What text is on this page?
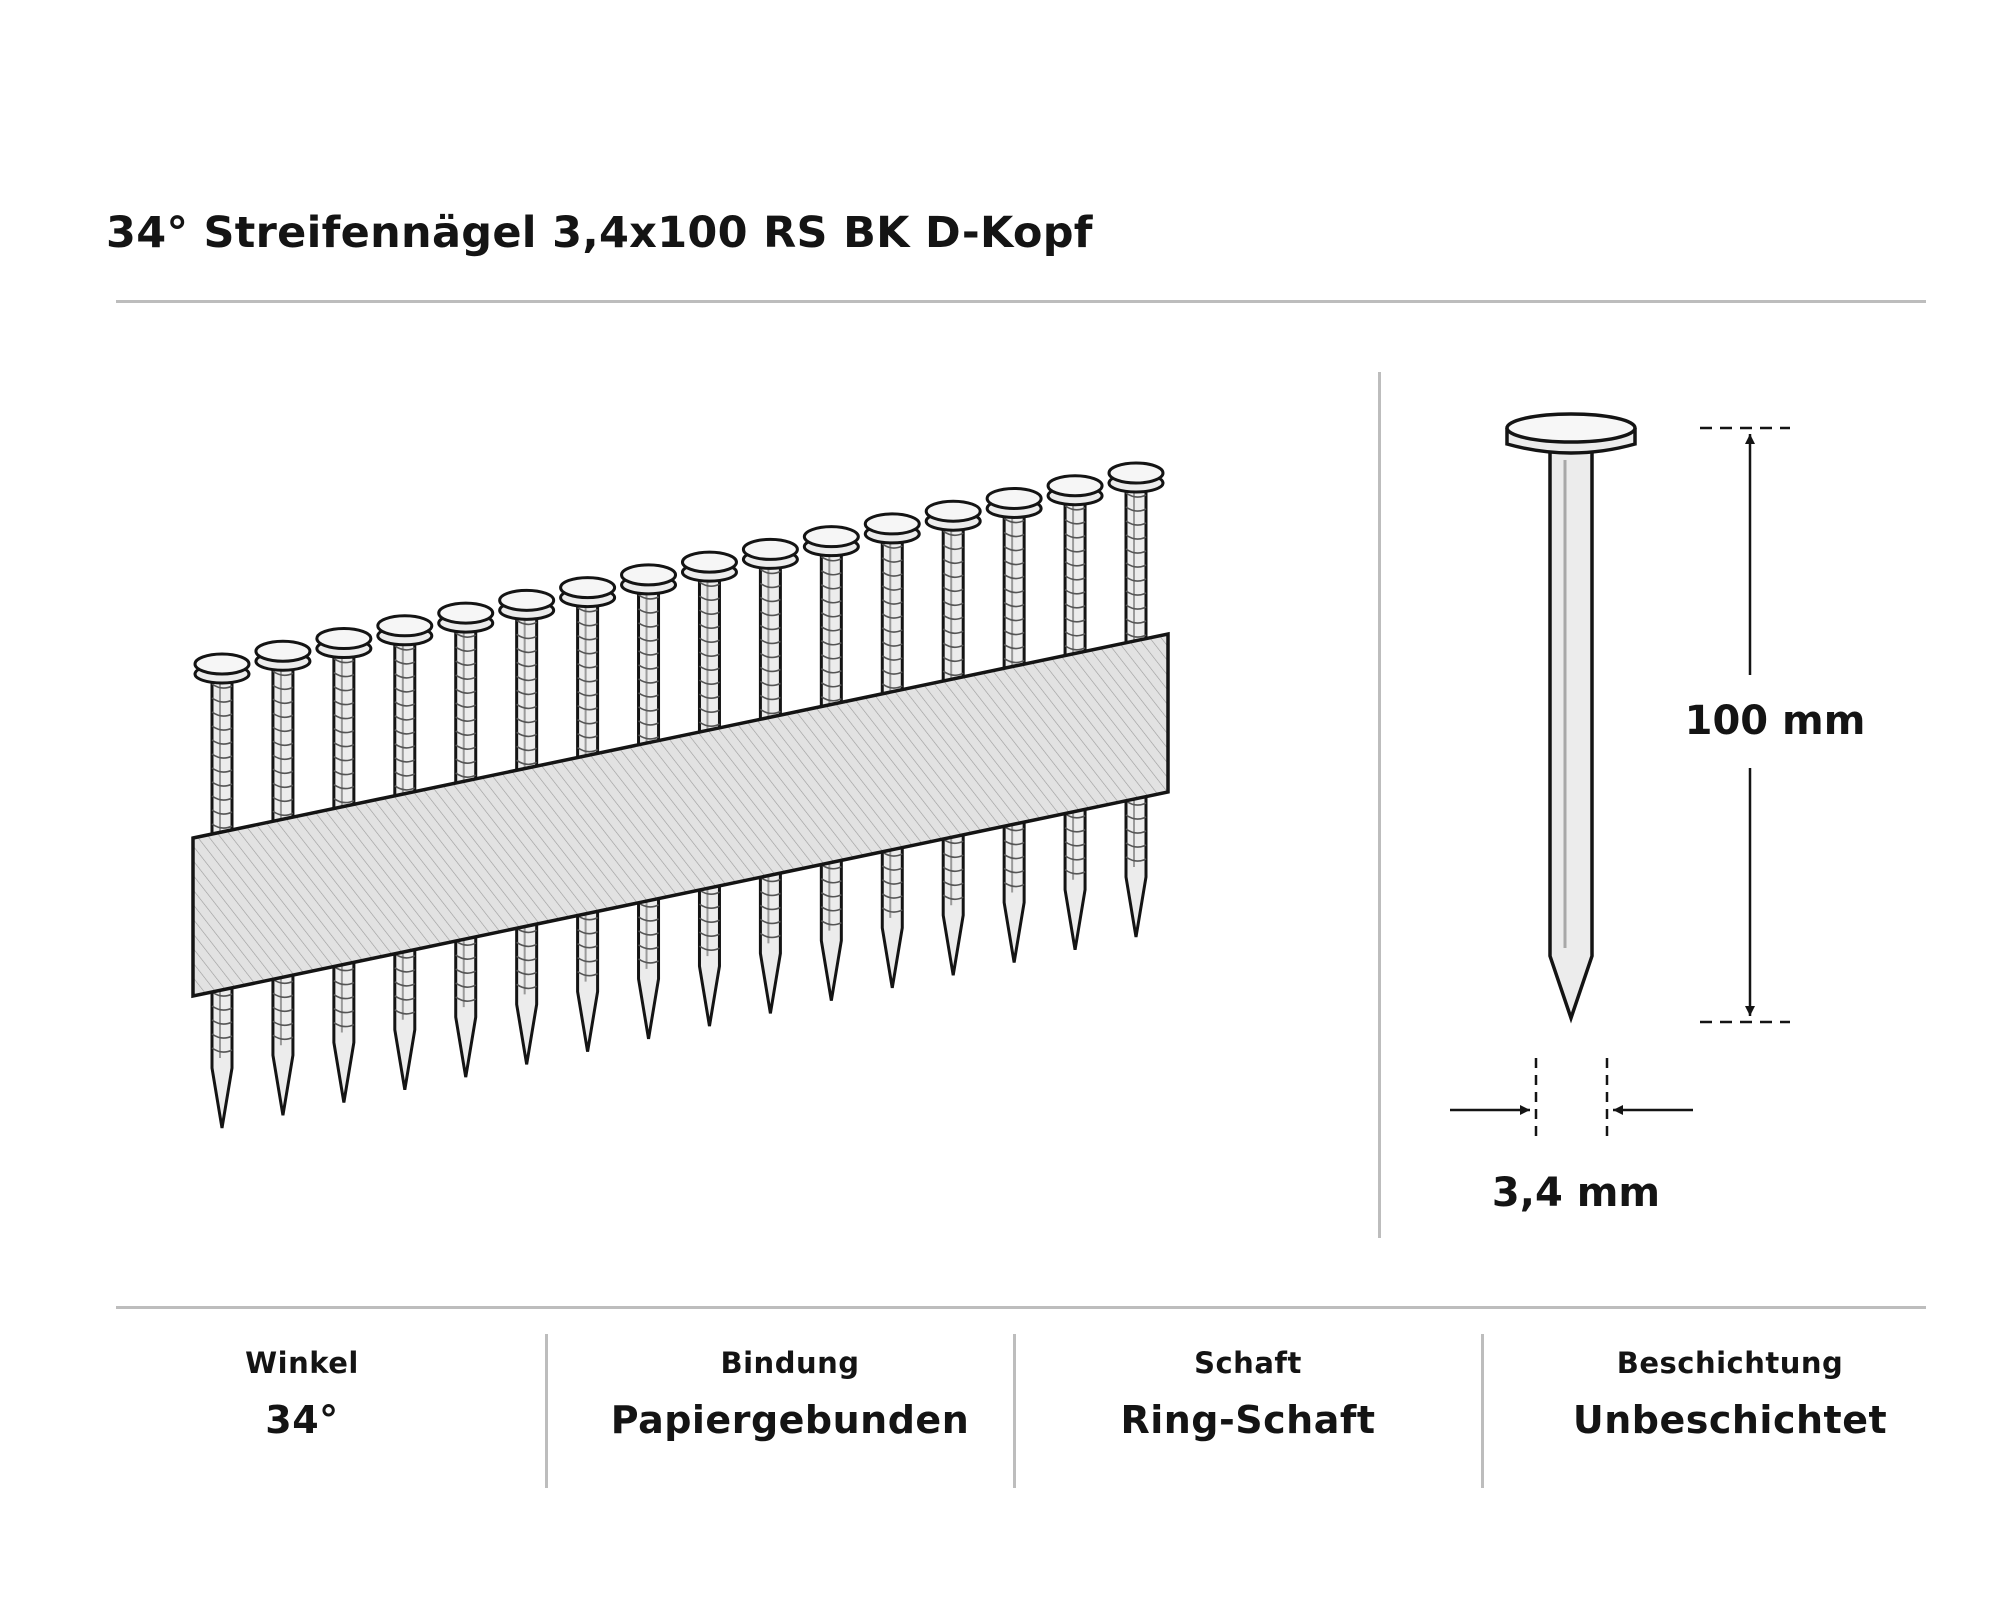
34° Streifennägel 3,4x100 RS BK D-Kopf
100 mm
3,4 mm
Winkel
34°
Bindung
Papiergebunden
Schaft
Ring-Schaft
Beschichtung
Unbeschichtet
